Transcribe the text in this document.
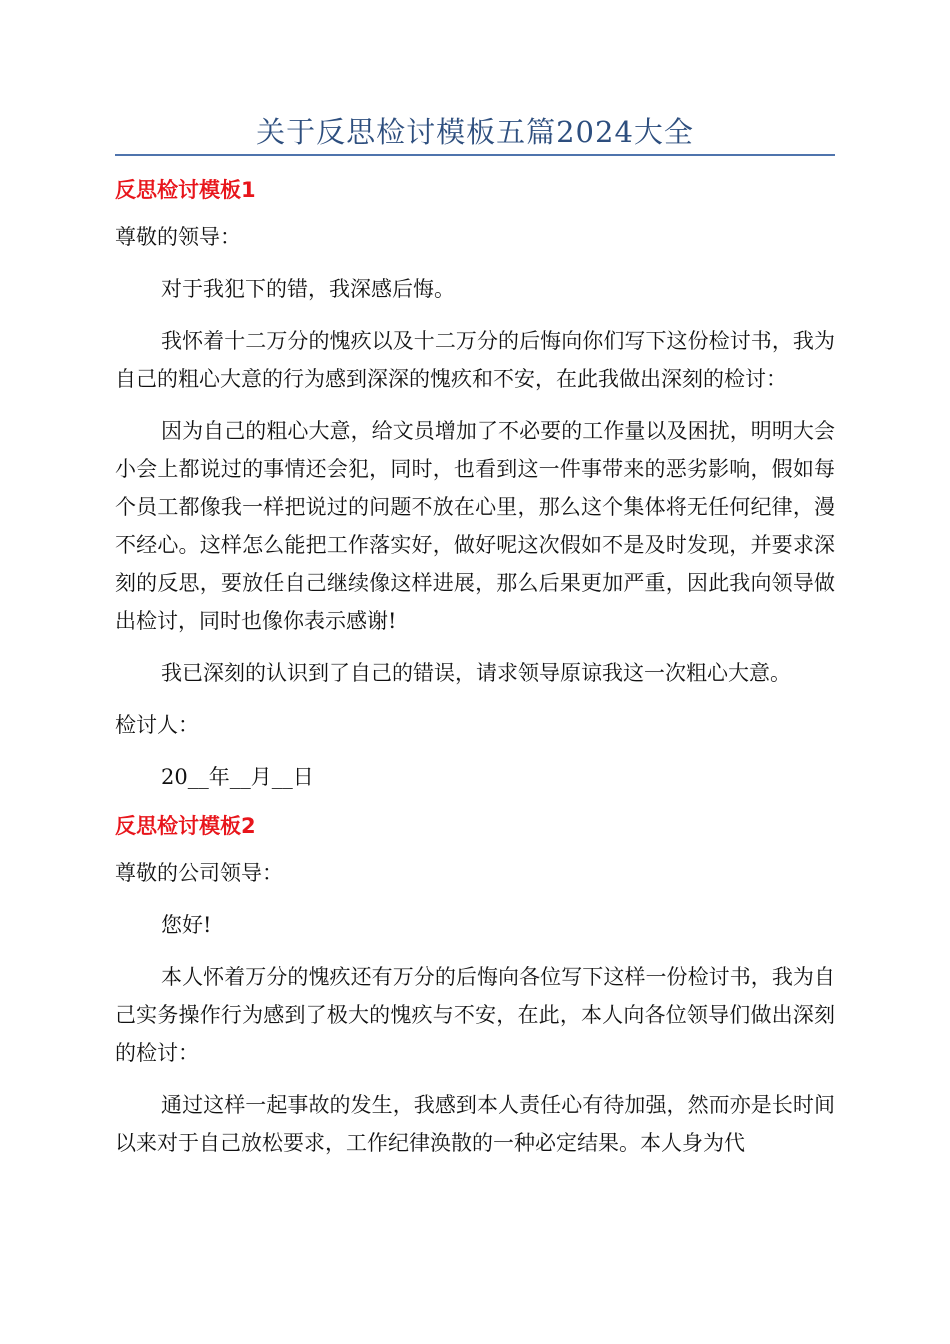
关于反思检讨模板五篇2024大全
反思检讨模板1
尊敬的领导：
对于我犯下的错，我深感后悔。
我怀着十二万分的愧疚以及十二万分的后悔向你们写下这份检讨书，我为自己的粗心大意的行为感到深深的愧疚和不安，在此我做出深刻的检讨：
因为自己的粗心大意，给文员增加了不必要的工作量以及困扰，明明大会小会上都说过的事情还会犯，同时，也看到这一件事带来的恶劣影响，假如每个员工都像我一样把说过的问题不放在心里，那么这个集体将无任何纪律，漫不经心。这样怎么能把工作落实好，做好呢这次假如不是及时发现，并要求深刻的反思，要放任自己继续像这样进展，那么后果更加严重，因此我向领导做出检讨，同时也像你表示感谢!
我已深刻的认识到了自己的错误，请求领导原谅我这一次粗心大意。
检讨人：
20__年__月__日
反思检讨模板2
尊敬的公司领导：
您好!
本人怀着万分的愧疚还有万分的后悔向各位写下这样一份检讨书，我为自己实务操作行为感到了极大的愧疚与不安，在此，本人向各位领导们做出深刻的检讨：
通过这样一起事故的发生，我感到本人责任心有待加强，然而亦是长时间以来对于自己放松要求，工作纪律涣散的一种必定结果。本人身为代
